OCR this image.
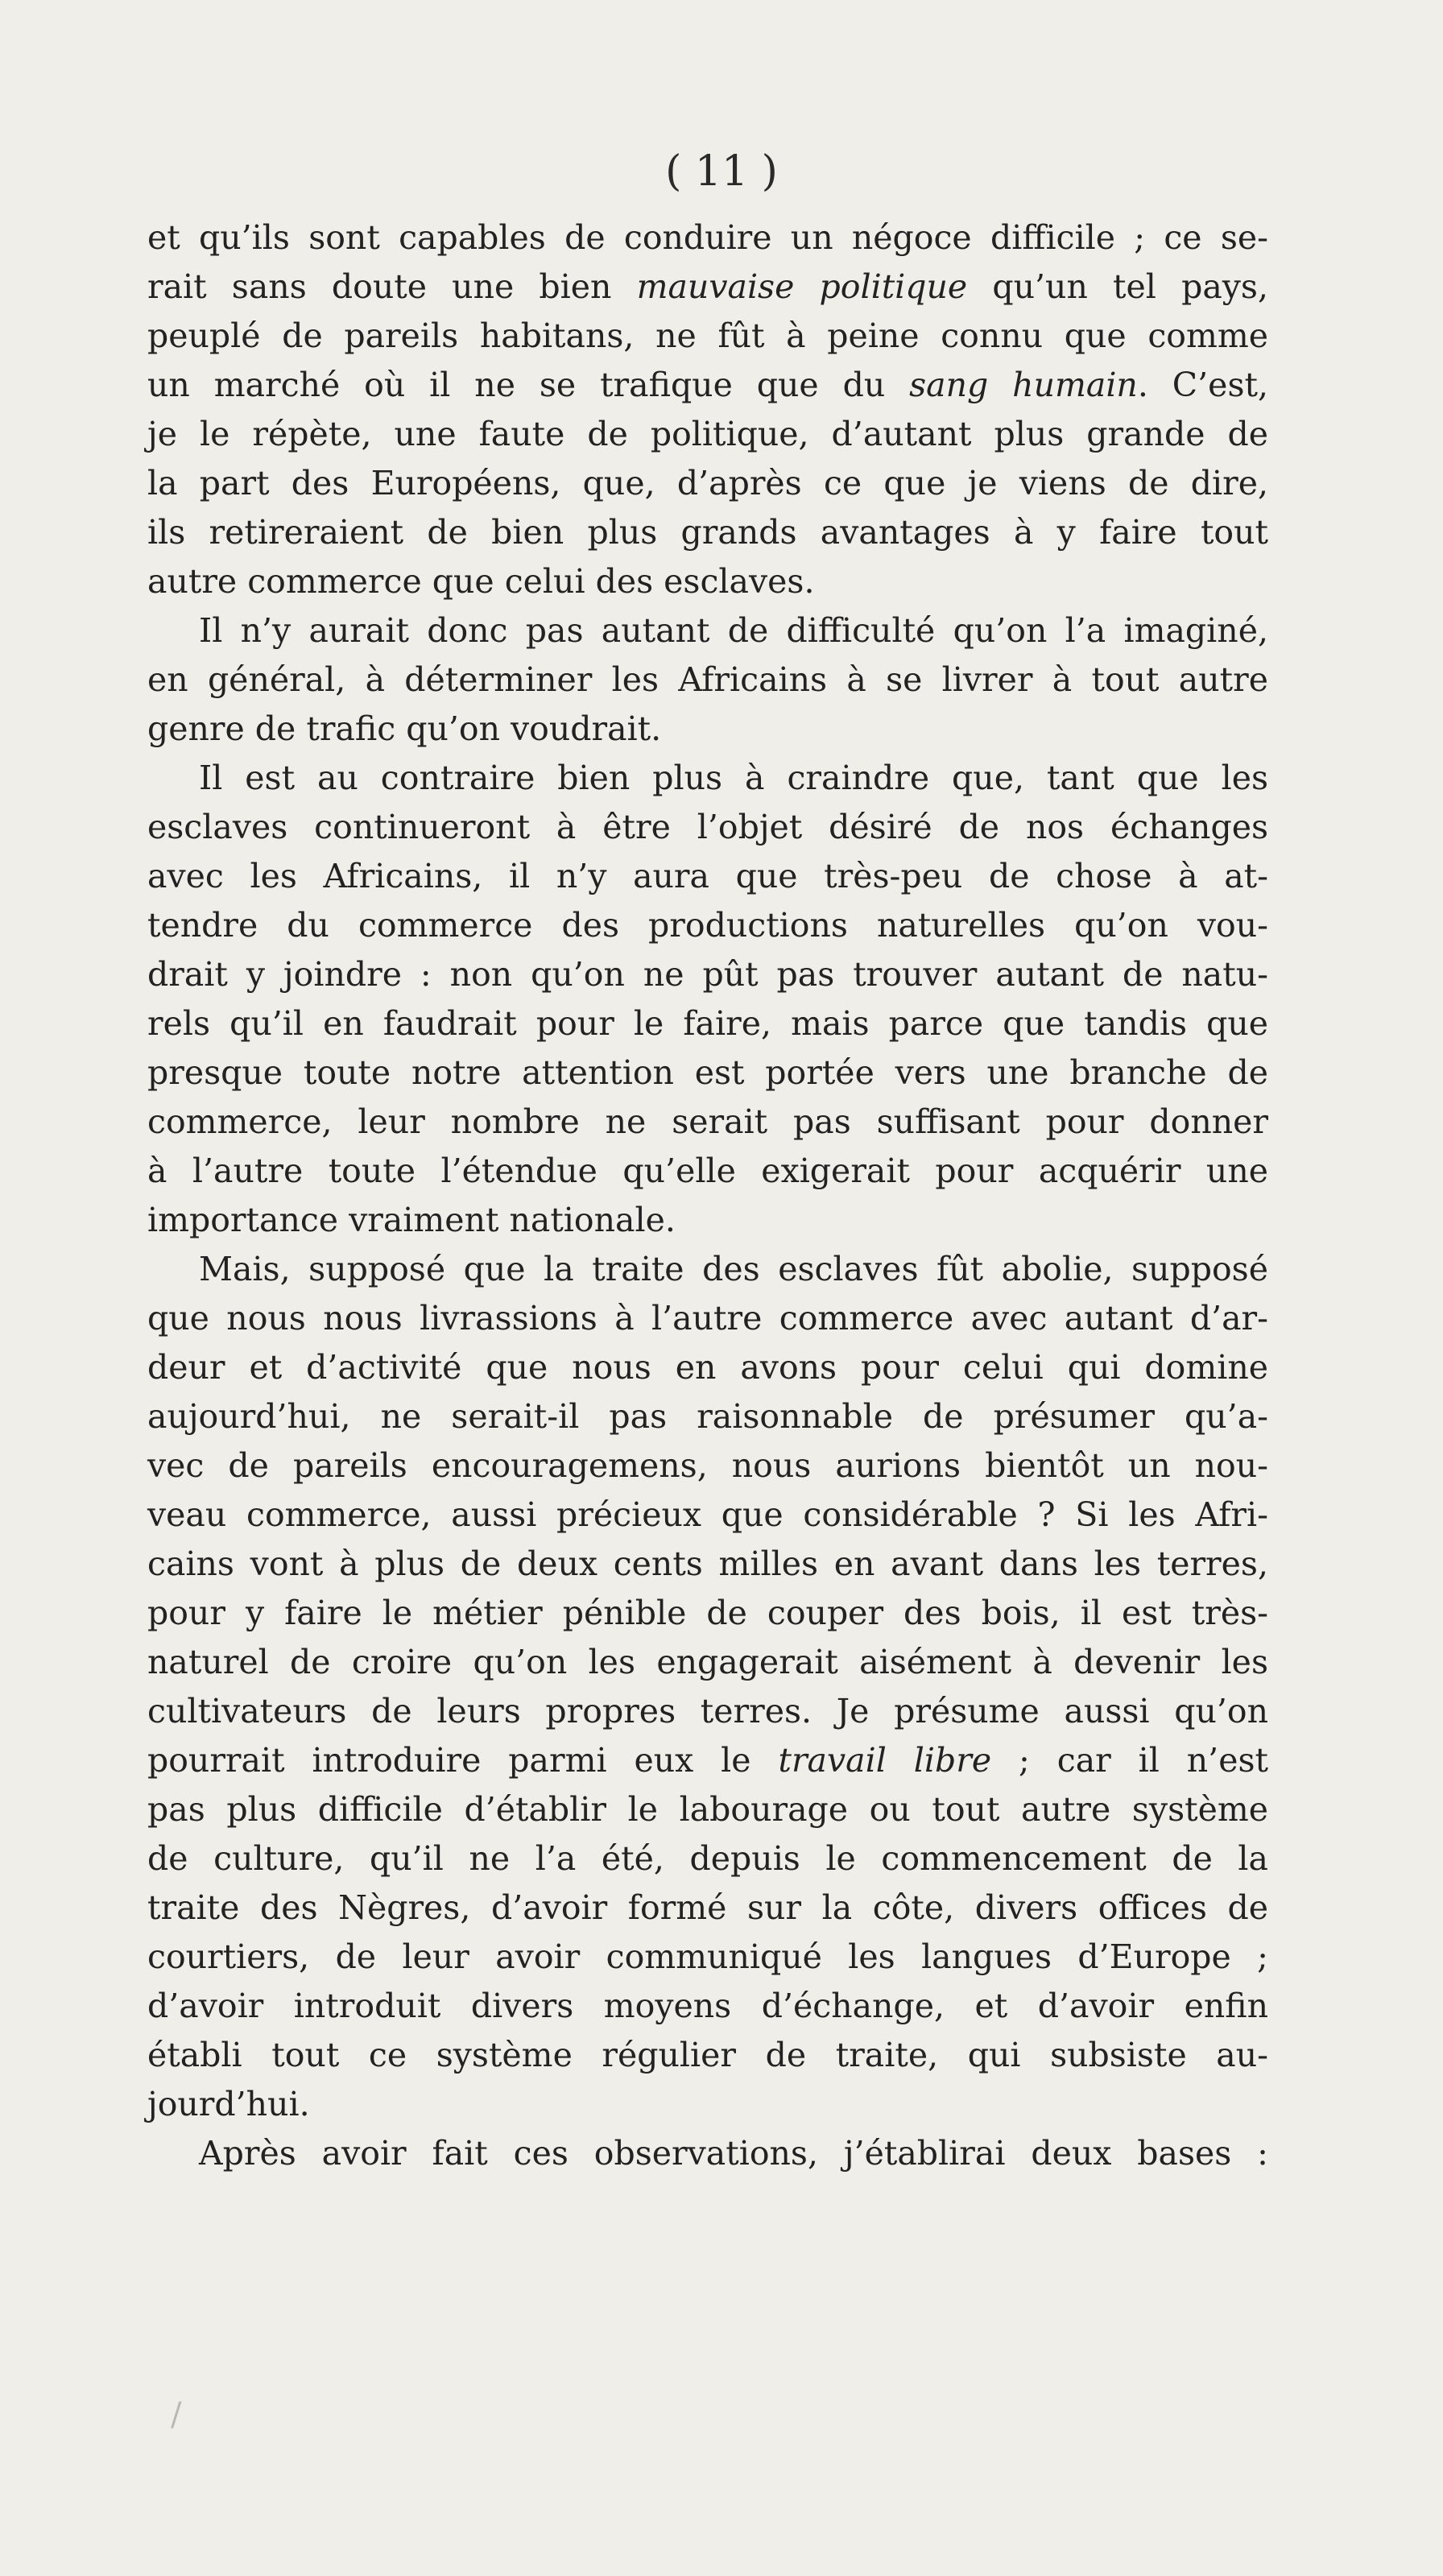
( 11 )
et qu’ils sont capables de conduire un négoce difficile ; ce se-
rait sans doute une bien mauvaise politique qu’un tel pays,
peuplé de pareils habitans, ne fût à peine connu que comme
un marché où il ne se trafique que du sang humain. C’est,
je le répète, une faute de politique, d’autant plus grande de
la part des Européens, que, d’après ce que je viens de dire,
ils retireraient de bien plus grands avantages à y faire tout
autre commerce que celui des esclaves.
Il n’y aurait donc pas autant de difficulté qu’on l’a imaginé,
en général, à déterminer les Africains à se livrer à tout autre
genre de trafic qu’on voudrait.
Il est au contraire bien plus à craindre que, tant que les
esclaves continueront à être l’objet désiré de nos échanges
avec les Africains, il n’y aura que très-peu de chose à at-
tendre du commerce des productions naturelles qu’on vou-
drait y joindre : non qu’on ne pût pas trouver autant de natu-
rels qu’il en faudrait pour le faire, mais parce que tandis que
presque toute notre attention est portée vers une branche de
commerce, leur nombre ne serait pas suffisant pour donner
à l’autre toute l’étendue qu’elle exigerait pour acquérir une
importance vraiment nationale.
Mais, supposé que la traite des esclaves fût abolie, supposé
que nous nous livrassions à l’autre commerce avec autant d’ar-
deur et d’activité que nous en avons pour celui qui domine
aujourd’hui, ne serait-il pas raisonnable de présumer qu’a-
vec de pareils encouragemens, nous aurions bientôt un nou-
veau commerce, aussi précieux que considérable ? Si les Afri-
cains vont à plus de deux cents milles en avant dans les terres,
pour y faire le métier pénible de couper des bois, il est très-
naturel de croire qu’on les engagerait aisément à devenir les
cultivateurs de leurs propres terres. Je présume aussi qu’on
pourrait introduire parmi eux le travail libre ; car il n’est
pas plus difficile d’établir le labourage ou tout autre système
de culture, qu’il ne l’a été, depuis le commencement de la
traite des Nègres, d’avoir formé sur la côte, divers offices de
courtiers, de leur avoir communiqué les langues d’Europe ;
d’avoir introduit divers moyens d’échange, et d’avoir enfin
établi tout ce système régulier de traite, qui subsiste au-
jourd’hui.
Après avoir fait ces observations, j’établirai deux bases :
/
